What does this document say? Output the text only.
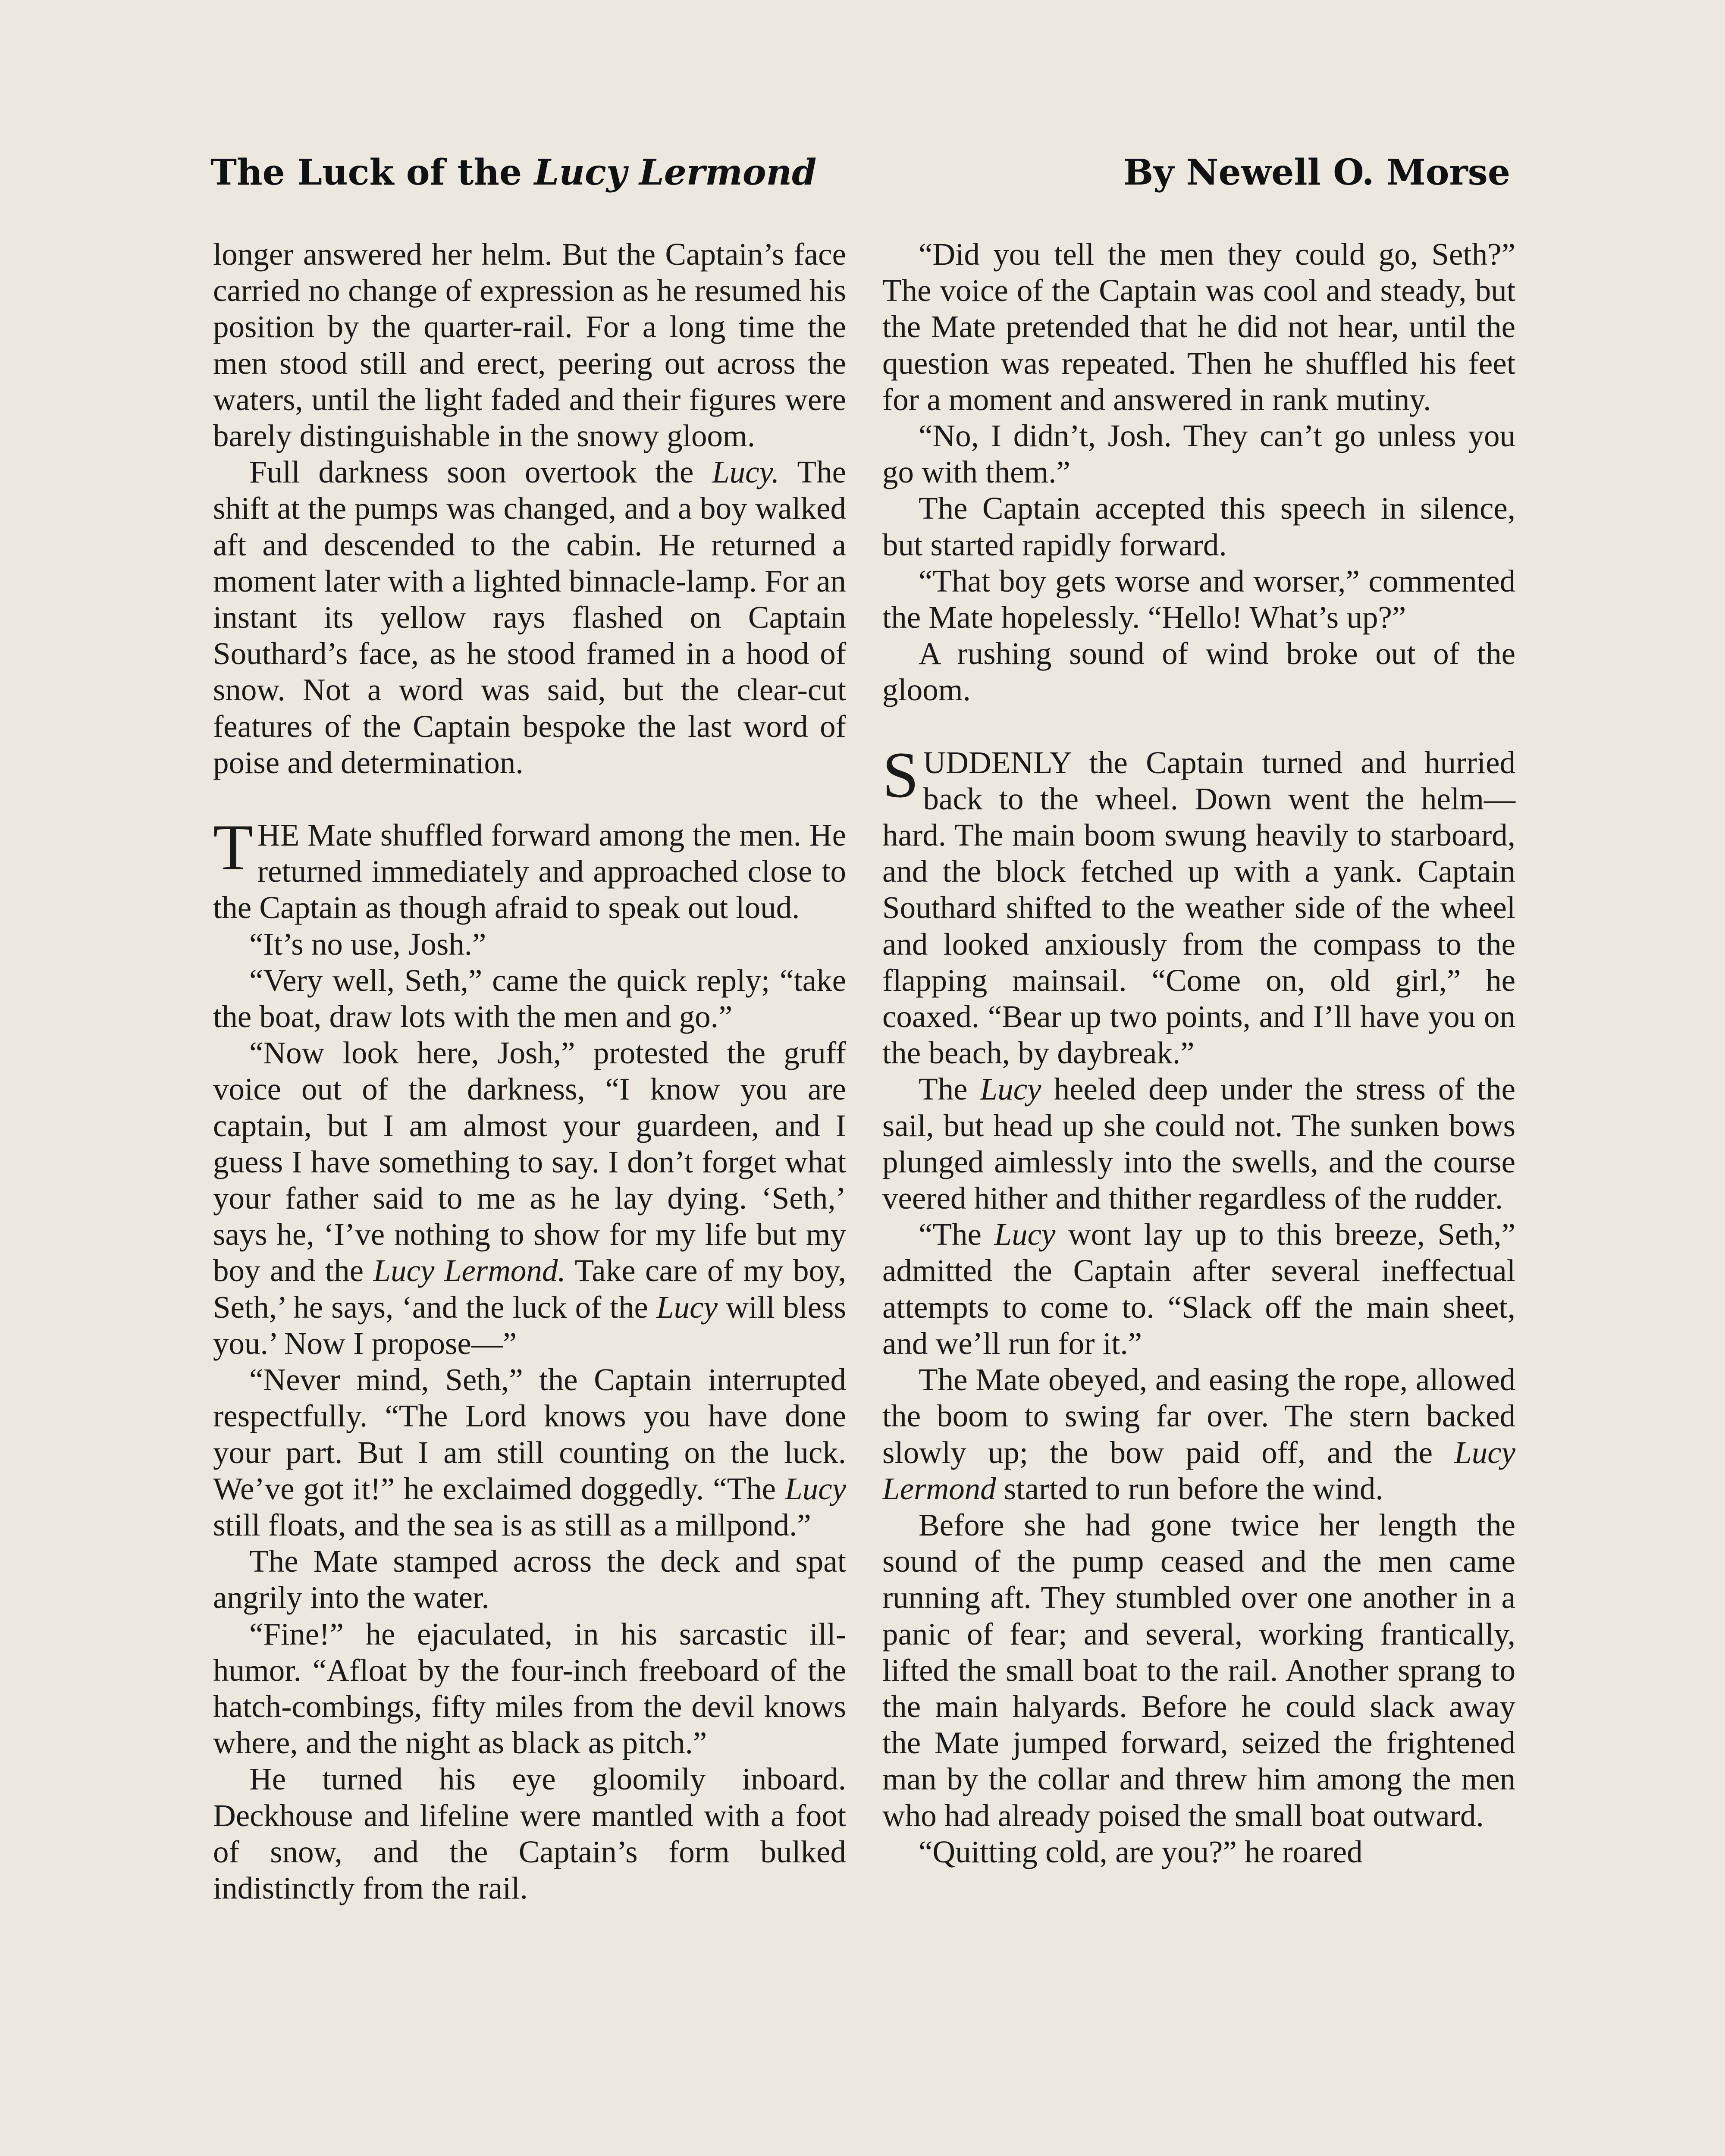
The Luck of the Lucy Lermond	By Newell O. Morse

longer answered her helm. But the Captain’s face carried no change of expression as he resumed his position by the quarter-rail. For a long time the men stood still and erect, peering out across the waters, until the light faded and their figures were barely distinguishable in the snowy gloom.

Full darkness soon overtook the Lucy. The shift at the pumps was changed, and a boy walked aft and descended to the cabin. He returned a moment later with a lighted binnacle-lamp. For an instant its yellow rays flashed on Captain Southard’s face, as he stood framed in a hood of snow. Not a word was said, but the clear-cut features of the Captain bespoke the last word of poise and determination.

THE Mate shuffled forward among the men. He returned immediately and approached close to the Captain as though afraid to speak out loud.

“It’s no use, Josh.”

“Very well, Seth,” came the quick reply; “take the boat, draw lots with the men and go.”

“Now look here, Josh,” protested the gruff voice out of the darkness, “I know you are captain, but I am almost your guardeen, and I guess I have something to say. I don’t forget what your father said to me as he lay dying. ‘Seth,’ says he, ‘I’ve nothing to show for my life but my boy and the Lucy Lermond. Take care of my boy, Seth,’ he says, ‘and the luck of the Lucy will bless you.’ Now I propose—”

“Never mind, Seth,” the Captain interrupted respectfully. “The Lord knows you have done your part. But I am still counting on the luck. We’ve got it!” he exclaimed doggedly. “The Lucy still floats, and the sea is as still as a millpond.”

The Mate stamped across the deck and spat angrily into the water.

“Fine!” he ejaculated, in his sarcastic ill-humor. “Afloat by the four-inch freeboard of the hatch-combings, fifty miles from the devil knows where, and the night as black as pitch.”

He turned his eye gloomily inboard. Deckhouse and lifeline were mantled with a foot of snow, and the Captain’s form bulked indistinctly from the rail.

“Did you tell the men they could go, Seth?” The voice of the Captain was cool and steady, but the Mate pretended that he did not hear, until the question was repeated. Then he shuffled his feet for a moment and answered in rank mutiny.

“No, I didn’t, Josh. They can’t go unless you go with them.”

The Captain accepted this speech in silence, but started rapidly forward.

“That boy gets worse and worser,” commented the Mate hopelessly. “Hello! What’s up?”

A rushing sound of wind broke out of the gloom.

SUDDENLY the Captain turned and hurried back to the wheel. Down went the helm—hard. The main boom swung heavily to starboard, and the block fetched up with a yank. Captain Southard shifted to the weather side of the wheel and looked anxiously from the compass to the flapping mainsail. “Come on, old girl,” he coaxed. “Bear up two points, and I’ll have you on the beach, by daybreak.”

The Lucy heeled deep under the stress of the sail, but head up she could not. The sunken bows plunged aimlessly into the swells, and the course veered hither and thither regardless of the rudder.

“The Lucy wont lay up to this breeze, Seth,” admitted the Captain after several ineffectual attempts to come to. “Slack off the main sheet, and we’ll run for it.”

The Mate obeyed, and easing the rope, allowed the boom to swing far over. The stern backed slowly up; the bow paid off, and the Lucy Lermond started to run before the wind.

Before she had gone twice her length the sound of the pump ceased and the men came running aft. They stumbled over one another in a panic of fear; and several, working frantically, lifted the small boat to the rail. Another sprang to the main halyards. Before he could slack away the Mate jumped forward, seized the frightened man by the collar and threw him among the men who had already poised the small boat outward.

“Quitting cold, are you?” he roared
